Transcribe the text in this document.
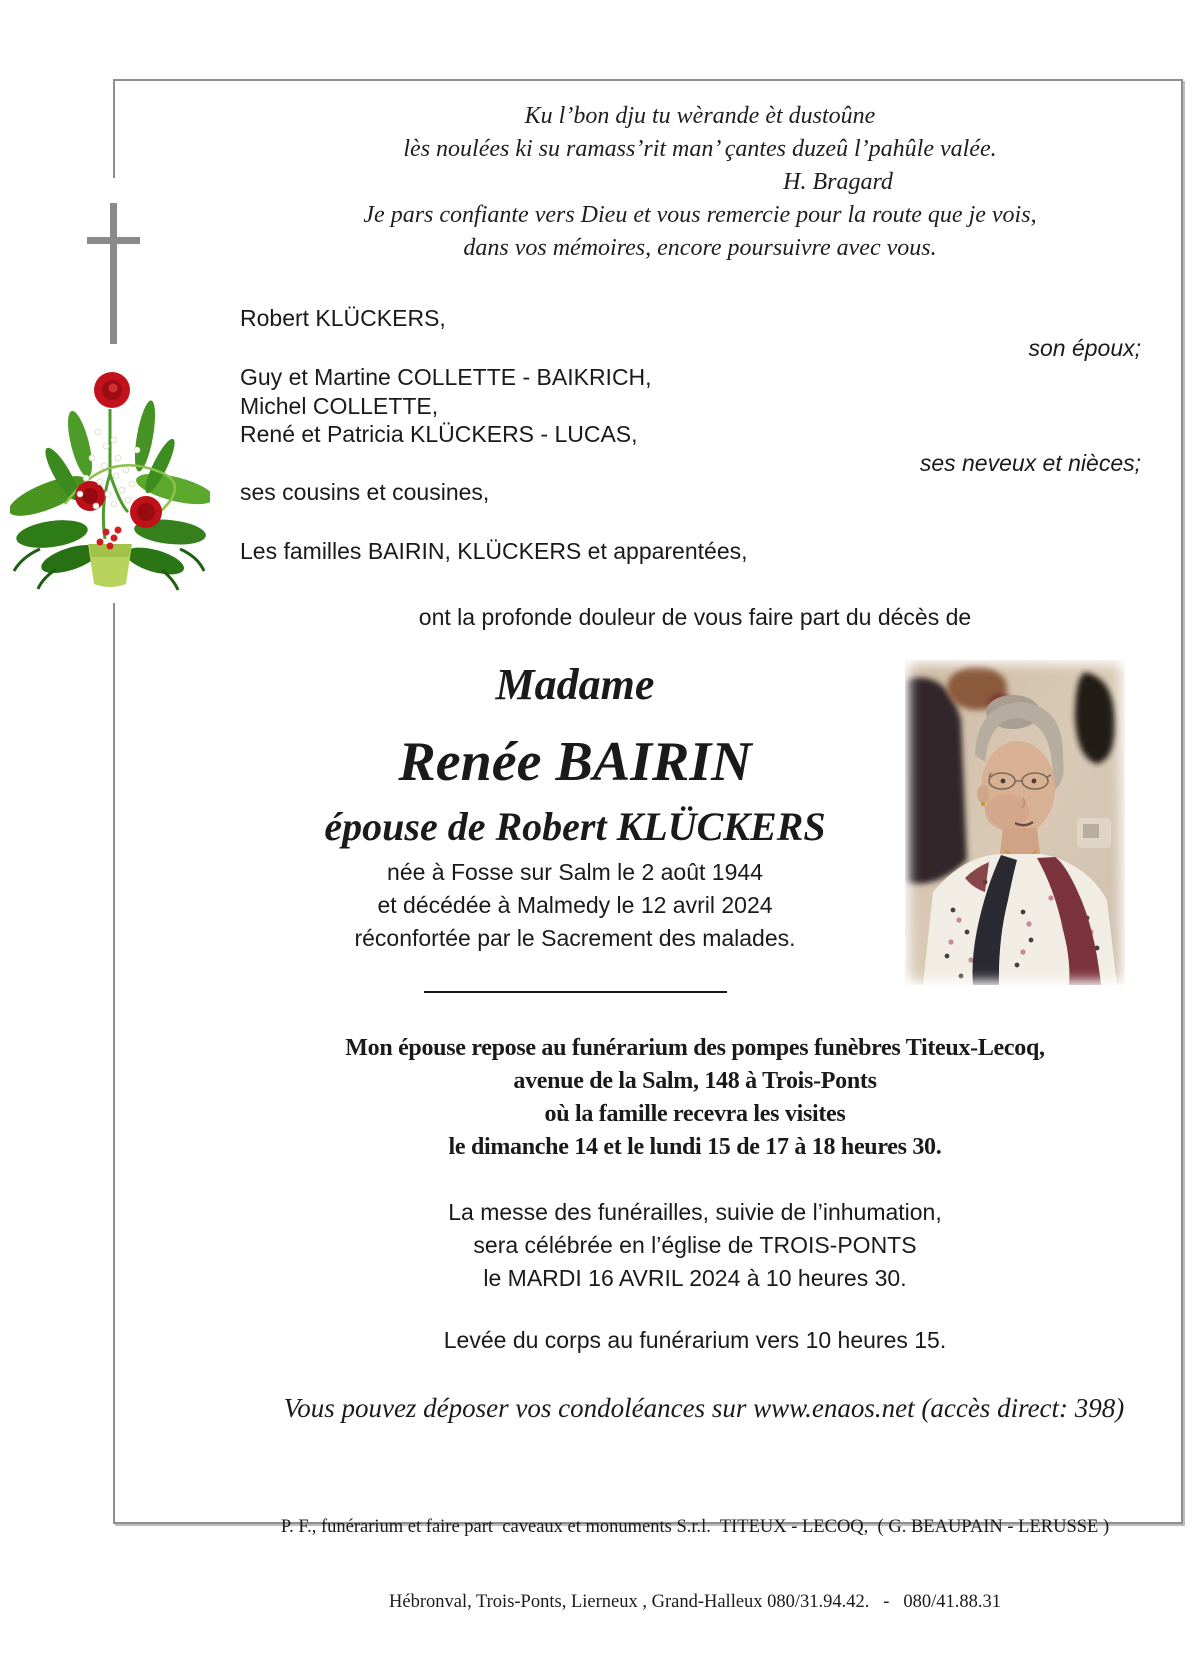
Ku l’bon dju tu wèrande èt dustoûne
lès noulées ki su ramass’rit man’ çantes duzeû l’pahûle valée.
H. Bragard
Je pars confiante vers Dieu et vous remercie pour la route que je vois,
dans vos mémoires, encore poursuivre avec vous.
Robert KLÜCKERS,
son époux;
Guy et Martine COLLETTE - BAIKRICH,
Michel COLLETTE,
René et Patricia KLÜCKERS - LUCAS,
ses neveux et nièces;
ses cousins et cousines,
Les familles BAIRIN, KLÜCKERS et apparentées,
ont la profonde douleur de vous faire part du décès de
Madame
Renée BAIRIN
épouse de Robert KLÜCKERS
née à Fosse sur Salm le 2 août 1944
et décédée à Malmedy le 12 avril 2024
réconfortée par le Sacrement des malades.
Mon épouse repose au funérarium des pompes funèbres Titeux-Lecoq,
avenue de la Salm, 148 à Trois-Ponts
où la famille recevra les visites
le dimanche 14 et le lundi 15 de 17 à 18 heures 30.
La messe des funérailles, suivie de l’inhumation,
sera célébrée en l’église de TROIS-PONTS
le MARDI 16 AVRIL 2024 à 10 heures 30.
Levée du corps au funérarium vers 10 heures 15.
Vous pouvez déposer vos condoléances sur www.enaos.net (accès direct: 398)

P. F., funérarium et faire part  caveaux et monuments S.r.l.  TITEUX - LECOQ,  ( G. BEAUPAIN - LERUSSE )

Hébronval, Trois-Ponts, Lierneux , Grand-Halleux 080/31.94.42.   -   080/41.88.31
